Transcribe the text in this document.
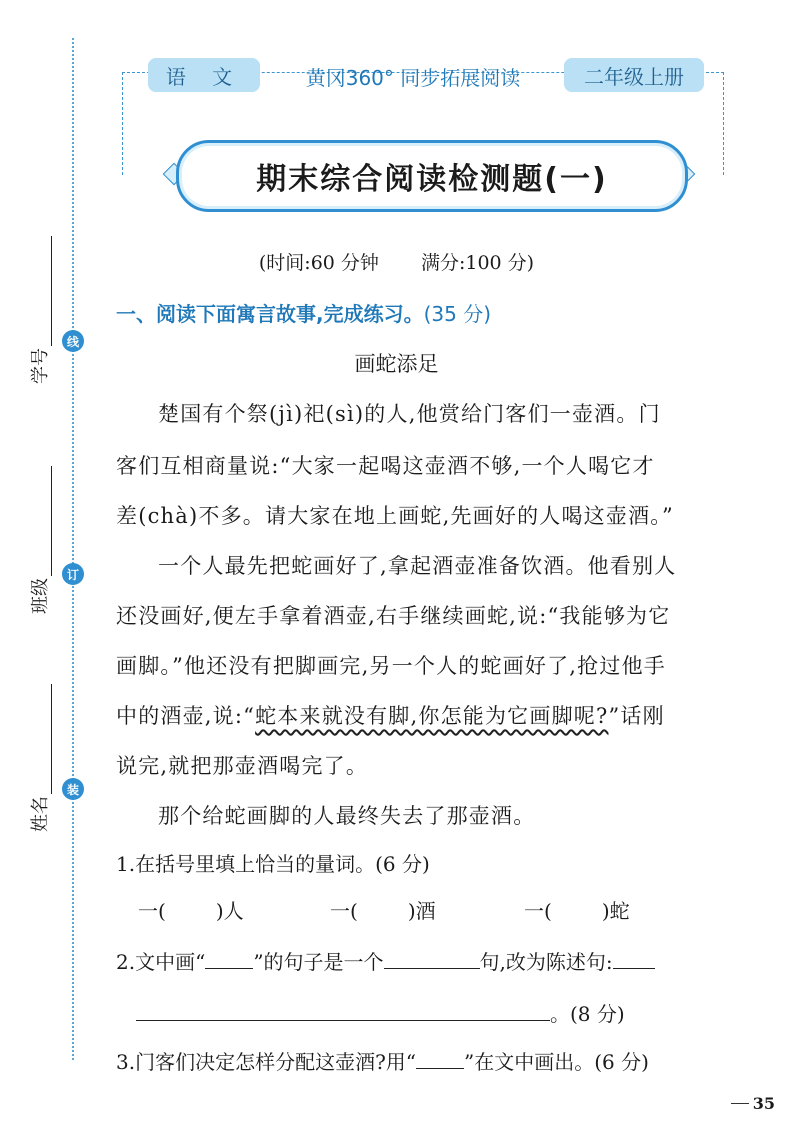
线
订
装
学号
班级
姓名
语 文	黄冈360° 同步拓展阅读	二年级上册
期末综合阅读检测题(一)
(时间:60 分钟 满分:100 分)
一、阅读下面寓言故事,完成练习。(35 分)
画蛇添足
楚国有个祭(jì)祀(sì)的人,他赏给门客们一壶酒。门
客们互相商量说:“大家一起喝这壶酒不够,一个人喝它才
差(chà)不多。请大家在地上画蛇,先画好的人喝这壶酒。”
一个人最先把蛇画好了,拿起酒壶准备饮酒。他看别人
还没画好,便左手拿着酒壶,右手继续画蛇,说:“我能够为它
画脚。”他还没有把脚画完,另一个人的蛇画好了,抢过他手
中的酒壶,说:“蛇本来就没有脚,你怎能为它画脚呢?”话刚
说完,就把那壶酒喝完了。
那个给蛇画脚的人最终失去了那壶酒。
1.在括号里填上恰当的量词。(6 分)
一(	)人	一(	)酒	一(	)蛇
2.文中画“ ”的句子是一个	句,改为陈述句:
。(8 分)
3.门客们决定怎样分配这壶酒?用“ ”在文中画出。(6 分)
35
